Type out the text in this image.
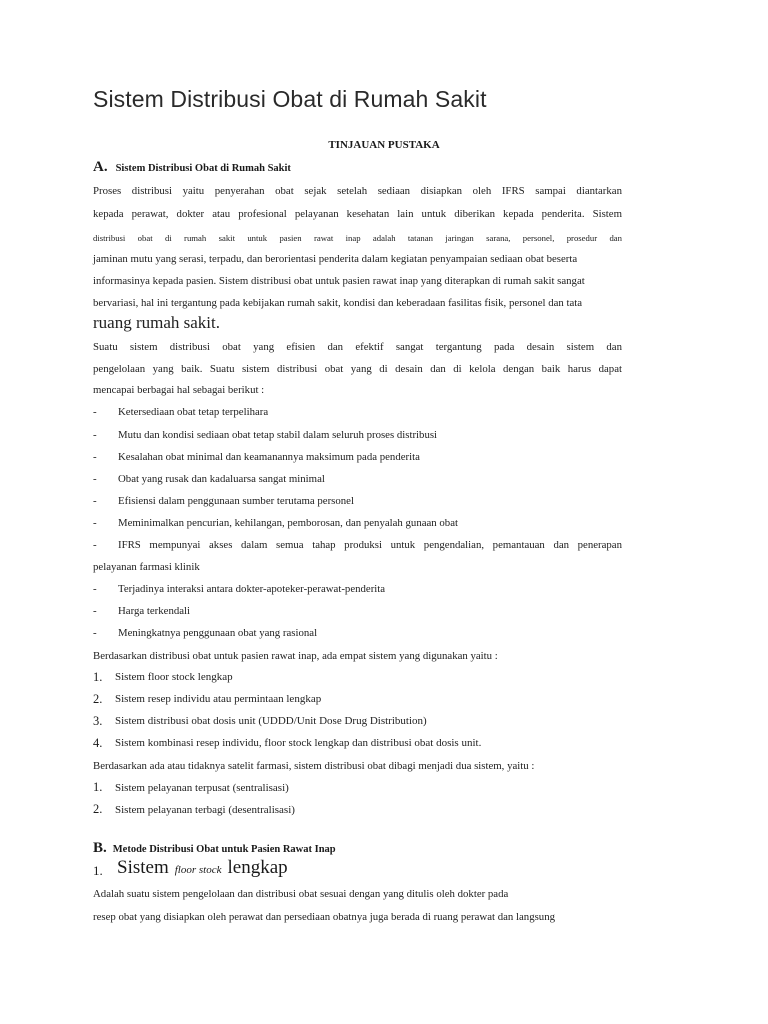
Sistem Distribusi Obat di Rumah Sakit
TINJAUAN PUSTAKA
A. Sistem Distribusi Obat di Rumah Sakit
Proses distribusi yaitu penyerahan obat sejak setelah sediaan disiapkan oleh IFRS sampai diantarkan
kepada perawat, dokter atau profesional pelayanan kesehatan lain untuk diberikan kepada penderita. Sistem
distribusi obat di rumah sakit untuk pasien rawat inap adalah tatanan jaringan sarana, personel, prosedur dan
jaminan mutu yang serasi, terpadu, dan berorientasi penderita dalam kegiatan penyampaian sediaan obat beserta
informasinya kepada pasien. Sistem distribusi obat untuk pasien rawat inap yang diterapkan di rumah sakit sangat
bervariasi, hal ini tergantung pada kebijakan rumah sakit, kondisi dan keberadaan fasilitas fisik, personel dan tata
ruang rumah sakit.
Suatu sistem distribusi obat yang efisien dan efektif sangat tergantung pada desain sistem dan
pengelolaan yang baik. Suatu sistem distribusi obat yang di desain dan di kelola dengan baik harus dapat
mencapai berbagai hal sebagai berikut :
- Ketersediaan obat tetap terpelihara
- Mutu dan kondisi sediaan obat tetap stabil dalam seluruh proses distribusi
- Kesalahan obat minimal dan keamanannya maksimum pada penderita
- Obat yang rusak dan kadaluarsa sangat minimal
- Efisiensi dalam penggunaan sumber terutama personel
- Meminimalkan pencurian, kehilangan, pemborosan, dan penyalah gunaan obat
- IFRS mempunyai akses dalam semua tahap produksi untuk pengendalian, pemantauan dan penerapan
pelayanan farmasi klinik
- Terjadinya interaksi antara dokter-apoteker-perawat-penderita
- Harga terkendali
- Meningkatnya penggunaan obat yang rasional
Berdasarkan distribusi obat untuk pasien rawat inap, ada empat sistem yang digunakan yaitu :
1. Sistem floor stock lengkap
2. Sistem resep individu atau permintaan lengkap
3. Sistem distribusi obat dosis unit (UDDD/Unit Dose Drug Distribution)
4. Sistem kombinasi resep individu, floor stock lengkap dan distribusi obat dosis unit.
Berdasarkan ada atau tidaknya satelit farmasi, sistem distribusi obat dibagi menjadi dua sistem, yaitu :
1. Sistem pelayanan terpusat (sentralisasi)
2. Sistem pelayanan terbagi (desentralisasi)
B. Metode Distribusi Obat untuk Pasien Rawat Inap
1. Sistem floor stock lengkap
Adalah suatu sistem pengelolaan dan distribusi obat sesuai dengan yang ditulis oleh dokter pada
resep obat yang disiapkan oleh perawat dan persediaan obatnya juga berada di ruang perawat dan langsung
